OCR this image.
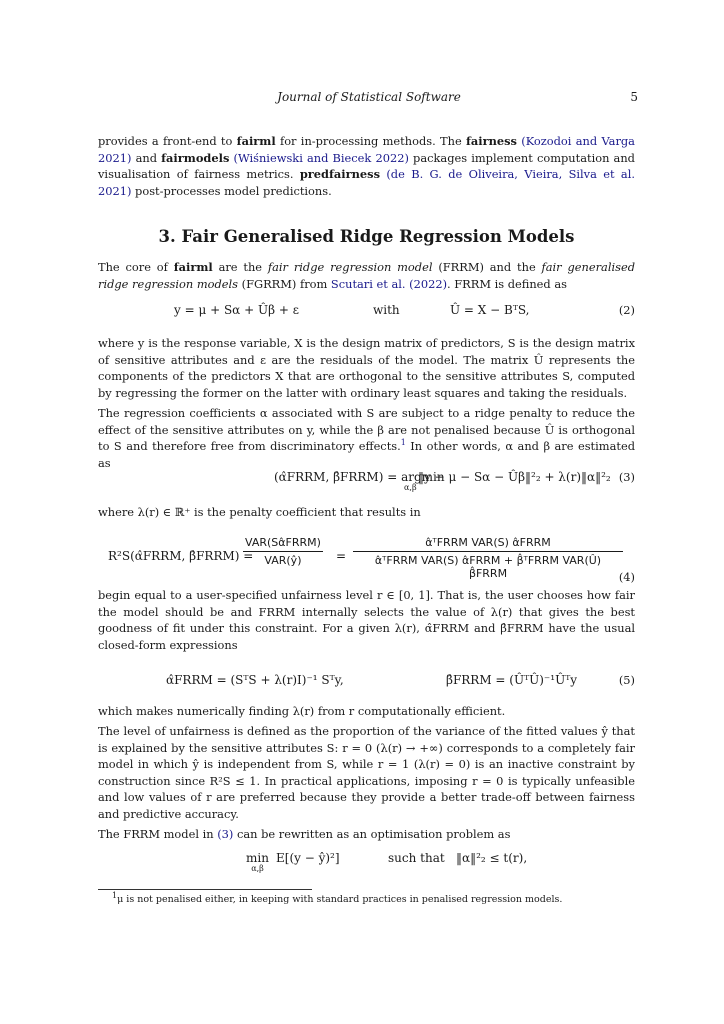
Journal of Statistical Software	5
provides a front-end to fairml for in-processing methods. The fairness (Kozodoi and Varga 2021) and fairmodels (Wiśniewski and Biecek 2022) packages implement computation and visualisation of fairness metrics. predfairness (de B. G. de Oliveira, Vieira, Silva et al. 2021) post-processes model predictions.
3. Fair Generalised Ridge Regression Models
The core of fairml are the fair ridge regression model (FRRM) and the fair generalised ridge regression models (FGRRM) from Scutari et al. (2022). FRRM is defined as
y = μ + Sα + Ûβ + ε	with	Û = X − BᵀS,	(2)
where y is the response variable, X is the design matrix of predictors, S is the design matrix of sensitive attributes and ε are the residuals of the model. The matrix Û represents the components of the predictors X that are orthogonal to the sensitive attributes S, computed by regressing the former on the latter with ordinary least squares and taking the residuals.
The regression coefficients α associated with S are subject to a ridge penalty to reduce the effect of the sensitive attributes on y, while the β are not penalised because Û is orthogonal to S and therefore free from discriminatory effects.$^1$ In other words, α and β are estimated as
(α̂FRRM, β̂FRRM) = argmin
α,β
‖y − μ − Sα − Ûβ‖²₂ + λ(r)‖α‖²₂ (3)
where λ(r) ∈ ℝ⁺ is the penalty coefficient that results in
R²S(α̂FRRM, β̂FRRM) =
VAR(Sα̂FRRM)
VAR(ŷ)	=
α̂ᵀFRRM VAR(S) α̂FRRM
α̂ᵀFRRM VAR(S) α̂FRRM + β̂ᵀFRRM VAR(Û) β̂FRRM	(4)
begin equal to a user-specified unfairness level r ∈ [0, 1]. That is, the user chooses how fair the model should be and FRRM internally selects the value of λ(r) that gives the best goodness of fit under this constraint. For a given λ(r), α̂FRRM and β̂FRRM have the usual closed-form expressions
α̂FRRM = (SᵀS + λ(r)I)⁻¹ Sᵀy,	β̂FRRM = (ÛᵀÛ)⁻¹Ûᵀy	(5)
which makes numerically finding λ(r) from r computationally efficient.
The level of unfairness is defined as the proportion of the variance of the fitted values ŷ that is explained by the sensitive attributes S: r = 0 (λ(r) → +∞) corresponds to a completely fair model in which ŷ is independent from S, while r = 1 (λ(r) = 0) is an inactive constraint by construction since R²S ≤ 1. In practical applications, imposing r = 0 is typically unfeasible and low values of r are preferred because they provide a better trade-off between fairness and predictive accuracy.
The FRRM model in (3) can be rewritten as an optimisation problem as
min
α,β
E[(y − ŷ)²]	such that ‖α‖²₂ ≤ t(r),
$^1$μ is not penalised either, in keeping with standard practices in penalised regression models.
